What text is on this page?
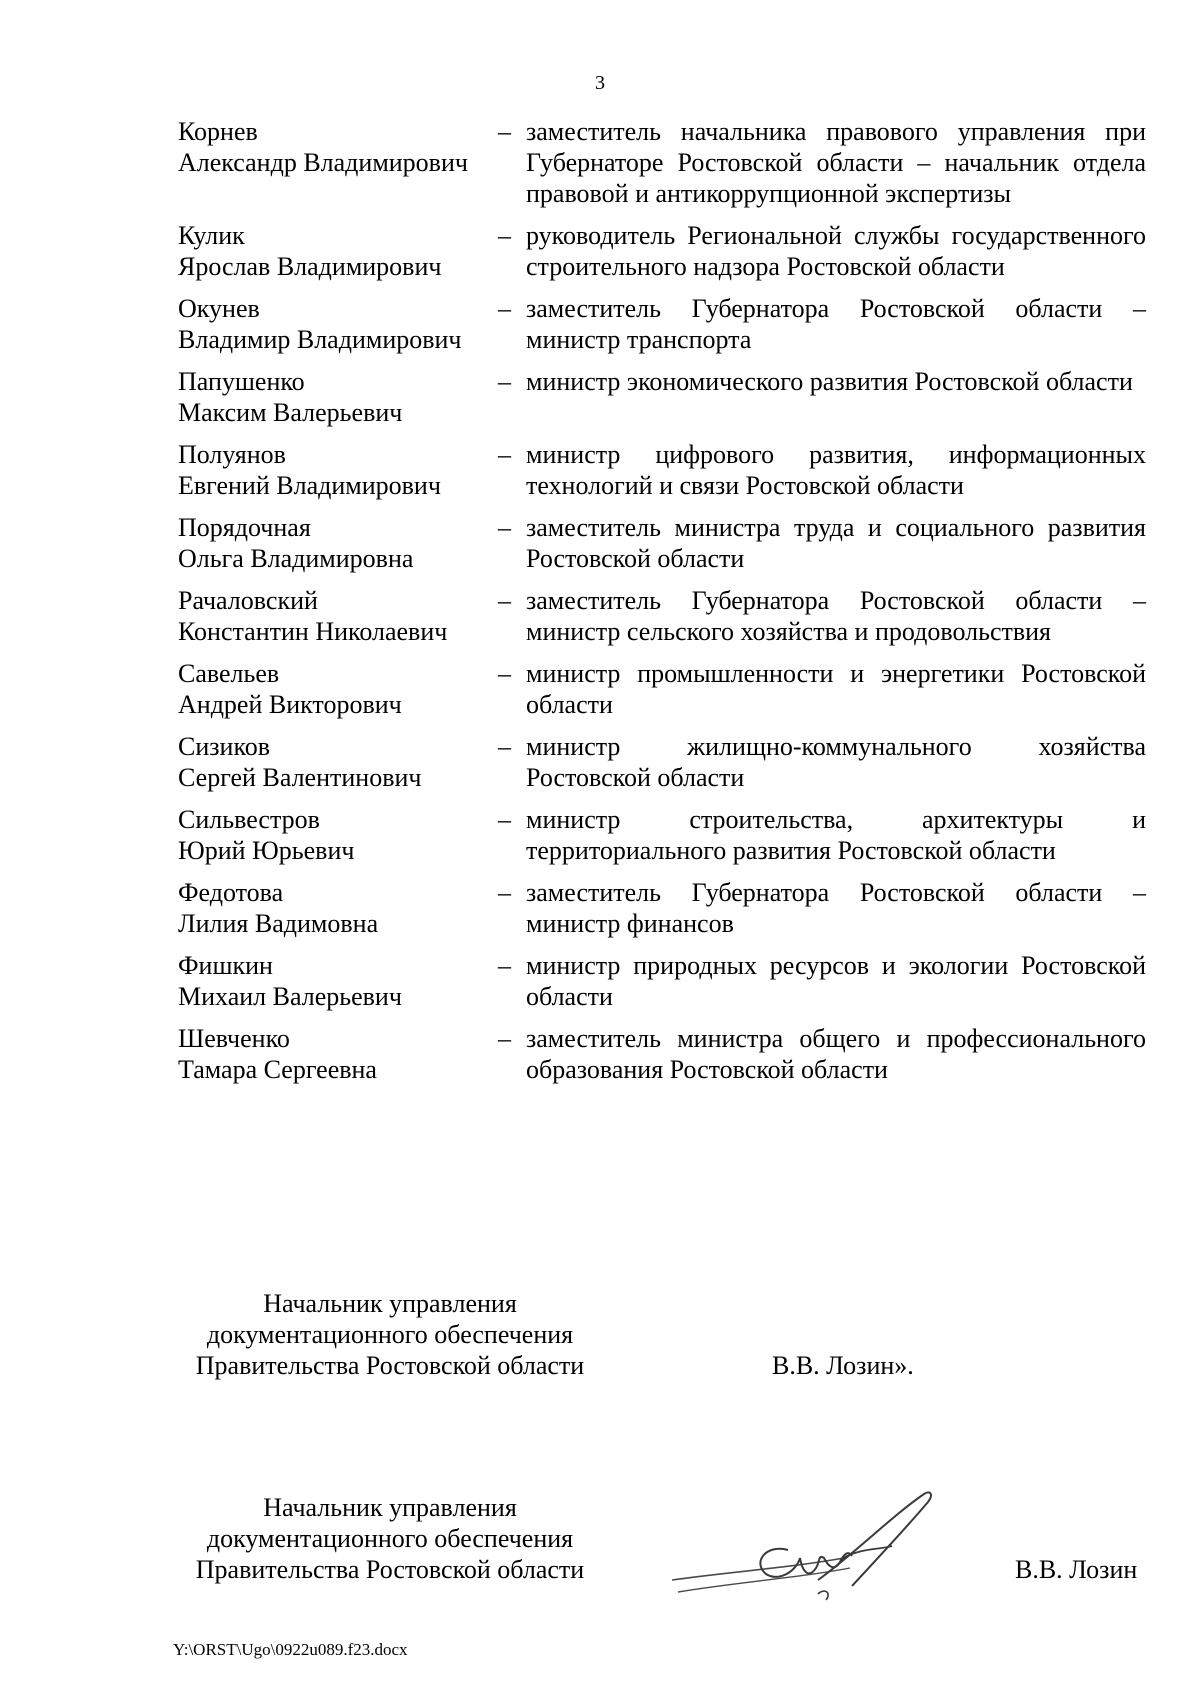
3
Корнев
Александр Владимирович
– заместитель начальника правового управления при Губернаторе Ростовской области – начальник отдела правовой и антикоррупционной экспертизы
Кулик
Ярослав Владимирович
– руководитель Региональной службы государственного строительного надзора Ростовской области
Окунев
Владимир Владимирович
– заместитель Губернатора Ростовской области – министр транспорта
Папушенко
Максим Валерьевич
– министр экономического развития Ростовской области
Полуянов
Евгений Владимирович
– министр цифрового развития, информационных технологий и связи Ростовской области
Порядочная
Ольга Владимировна
– заместитель министра труда и социального развития Ростовской области
Рачаловский
Константин Николаевич
– заместитель Губернатора Ростовской области – министр сельского хозяйства и продовольствия
Савельев
Андрей Викторович
– министр промышленности и энергетики Ростовской области
Сизиков
Сергей Валентинович
– министр жилищно-коммунального хозяйства Ростовской области
Сильвестров
Юрий Юрьевич
– министр строительства, архитектуры и территориального развития Ростовской области
Федотова
Лилия Вадимовна
– заместитель Губернатора Ростовской области – министр финансов
Фишкин
Михаил Валерьевич
– министр природных ресурсов и экологии Ростовской области
Шевченко
Тамара Сергеевна
– заместитель министра общего и профессионального образования Ростовской области
Начальник управления
документационного обеспечения
Правительства Ростовской области	В.В. Лозин».
Начальник управления
документационного обеспечения
Правительства Ростовской области	В.В. Лозин
Y:\ORST\Ugo\0922u089.f23.docx
